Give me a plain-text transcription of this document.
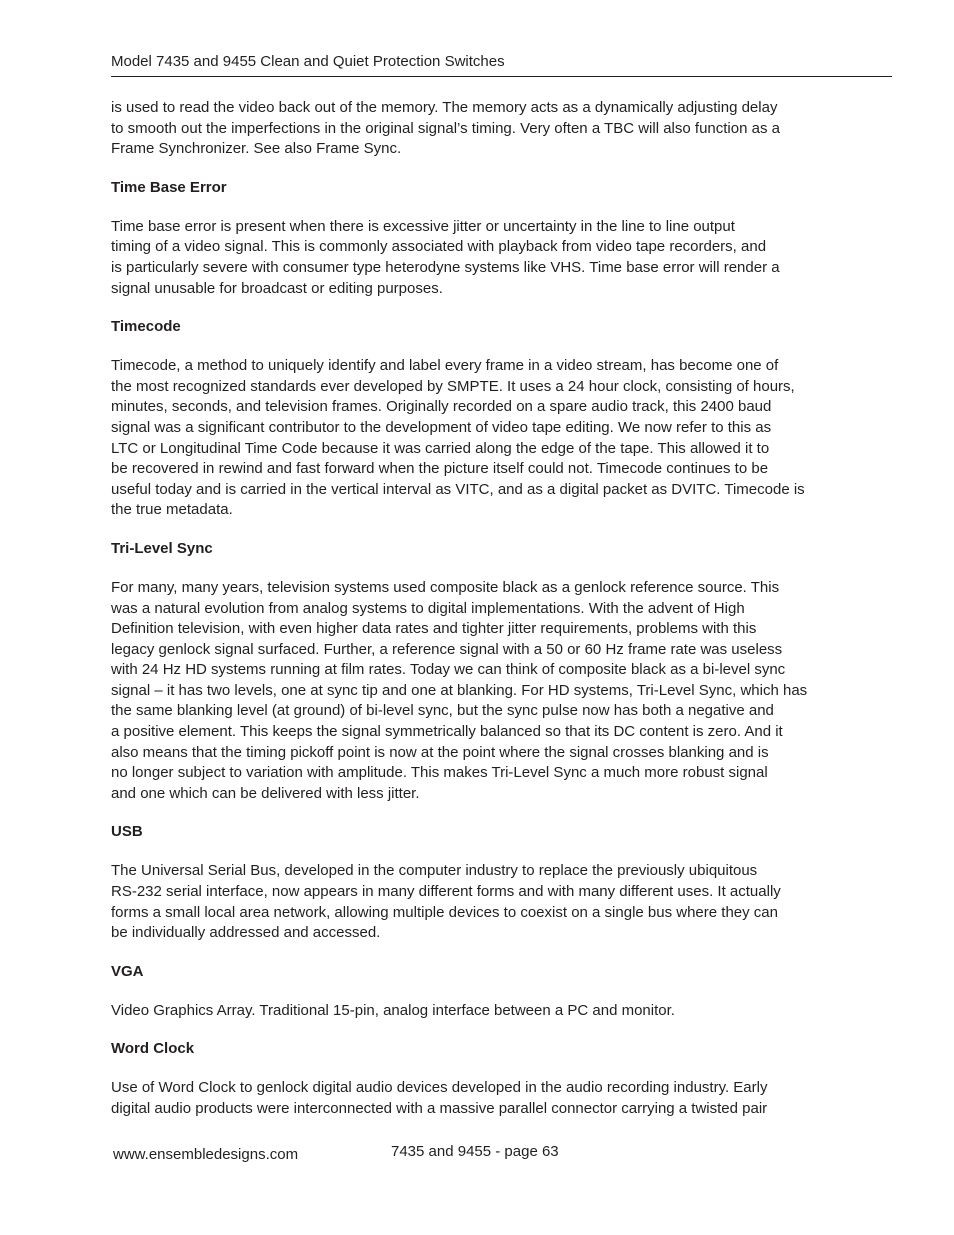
Model 7435 and 9455 Clean and Quiet Protection Switches
is used to read the video back out of the memory. The memory acts as a dynamically adjusting delay
to smooth out the imperfections in the original signal’s timing. Very often a TBC will also function as a
Frame Synchronizer. See also Frame Sync.
Time Base Error
Time base error is present when there is excessive jitter or uncertainty in the line to line output
timing of a video signal. This is commonly associated with playback from video tape recorders, and
is particularly severe with consumer type heterodyne systems like VHS. Time base error will render a
signal unusable for broadcast or editing purposes.
Timecode
Timecode, a method to uniquely identify and label every frame in a video stream, has become one of
the most recognized standards ever developed by SMPTE. It uses a 24 hour clock, consisting of hours,
minutes, seconds, and television frames. Originally recorded on a spare audio track, this 2400 baud
signal was a significant contributor to the development of video tape editing. We now refer to this as
LTC or Longitudinal Time Code because it was carried along the edge of the tape. This allowed it to
be recovered in rewind and fast forward when the picture itself could not. Timecode continues to be
useful today and is carried in the vertical interval as VITC, and as a digital packet as DVITC. Timecode is
the true metadata.
Tri-Level Sync
For many, many years, television systems used composite black as a genlock reference source. This
was a natural evolution from analog systems to digital implementations. With the advent of High
Definition television, with even higher data rates and tighter jitter requirements, problems with this
legacy genlock signal surfaced. Further, a reference signal with a 50 or 60 Hz frame rate was useless
with 24 Hz HD systems running at film rates. Today we can think of composite black as a bi-level sync
signal – it has two levels, one at sync tip and one at blanking. For HD systems, Tri-Level Sync, which has
the same blanking level (at ground) of bi-level sync, but the sync pulse now has both a negative and
a positive element. This keeps the signal symmetrically balanced so that its DC content is zero. And it
also means that the timing pickoff point is now at the point where the signal crosses blanking and is
no longer subject to variation with amplitude. This makes Tri-Level Sync a much more robust signal
and one which can be delivered with less jitter.
USB
The Universal Serial Bus, developed in the computer industry to replace the previously ubiquitous
RS-232 serial interface, now appears in many different forms and with many different uses. It actually
forms a small local area network, allowing multiple devices to coexist on a single bus where they can
be individually addressed and accessed.
VGA
Video Graphics Array. Traditional 15-pin, analog interface between a PC and monitor.
Word Clock
Use of Word Clock to genlock digital audio devices developed in the audio recording industry. Early
digital audio products were interconnected with a massive parallel connector carrying a twisted pair
www.ensembledesigns.com	7435 and 9455 - page 63
